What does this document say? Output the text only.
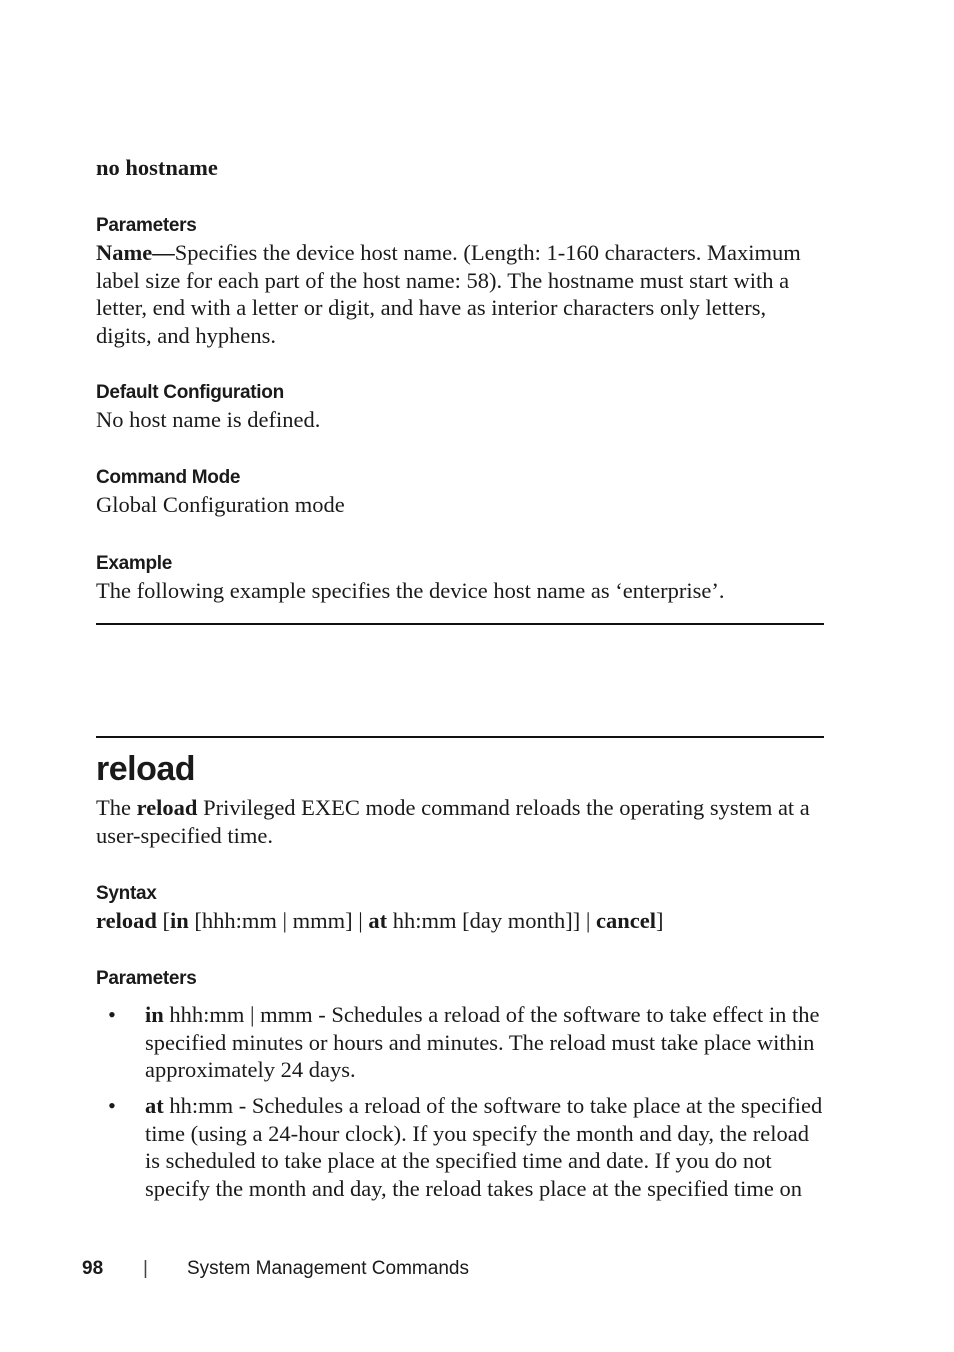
no hostname
Parameters
Name—Specifies the device host name. (Length: 1-160 characters. Maximum label size for each part of the host name: 58). The hostname must start with a letter, end with a letter or digit, and have as interior characters only letters, digits, and hyphens.
Default Configuration
No host name is defined.
Command Mode
Global Configuration mode
Example
The following example specifies the device host name as ‘enterprise’.
reload
The reload Privileged EXEC mode command reloads the operating system at a user-specified time.
Syntax
reload [in [hhh:mm | mmm] | at hh:mm [day month]] | cancel]
Parameters
• in hhh:mm | mmm - Schedules a reload of the software to take effect in the specified minutes or hours and minutes. The reload must take place within approximately 24 days.
• at hh:mm - Schedules a reload of the software to take place at the specified time (using a 24-hour clock). If you specify the month and day, the reload is scheduled to take place at the specified time and date. If you do not specify the month and day, the reload takes place at the specified time on
98 | System Management Commands
